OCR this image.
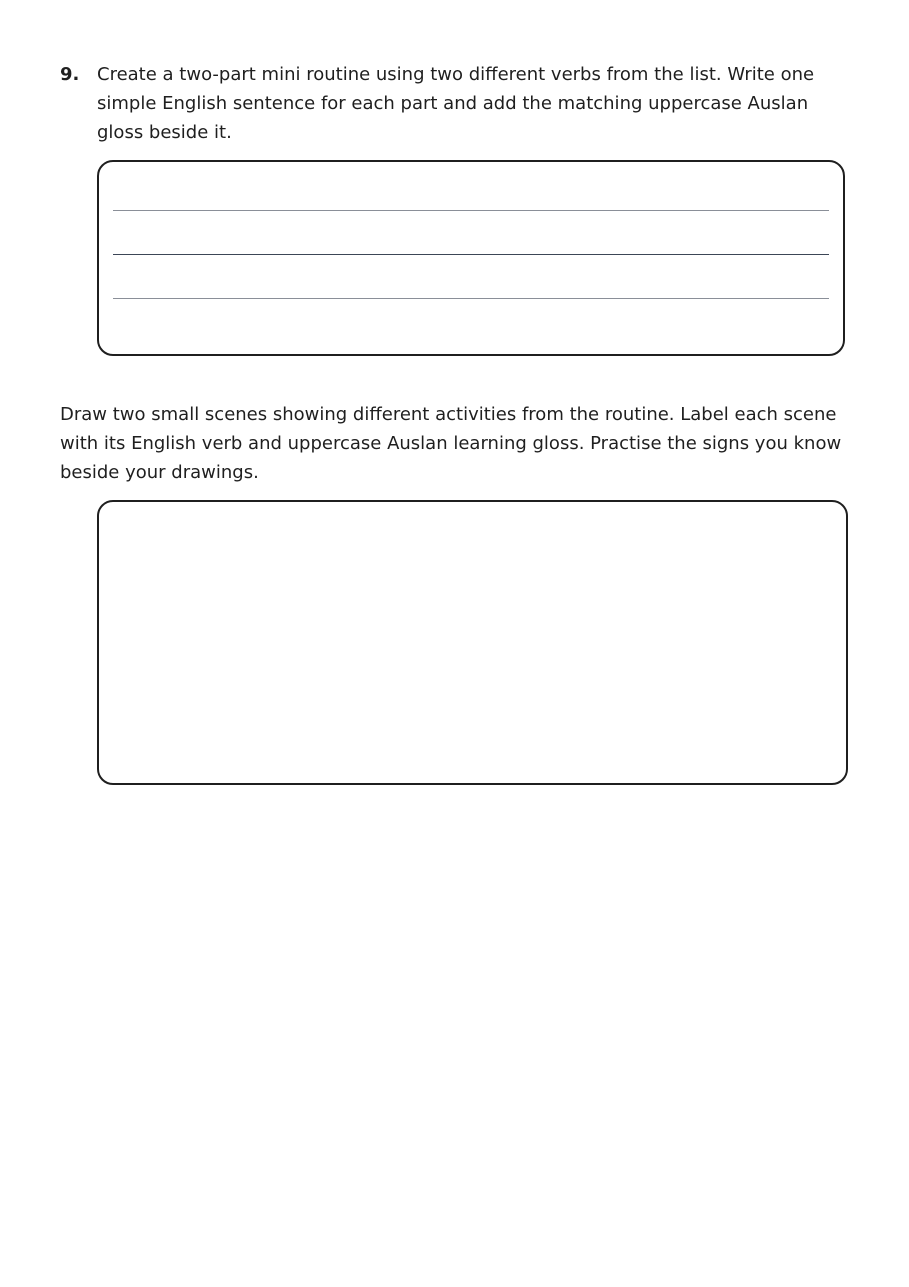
9. Create a two-part mini routine using two different verbs from the list. Write one simple English sentence for each part and add the matching uppercase Auslan gloss beside it.
Draw two small scenes showing different activities from the routine. Label each scene with its English verb and uppercase Auslan learning gloss. Practise the signs you know beside your drawings.
